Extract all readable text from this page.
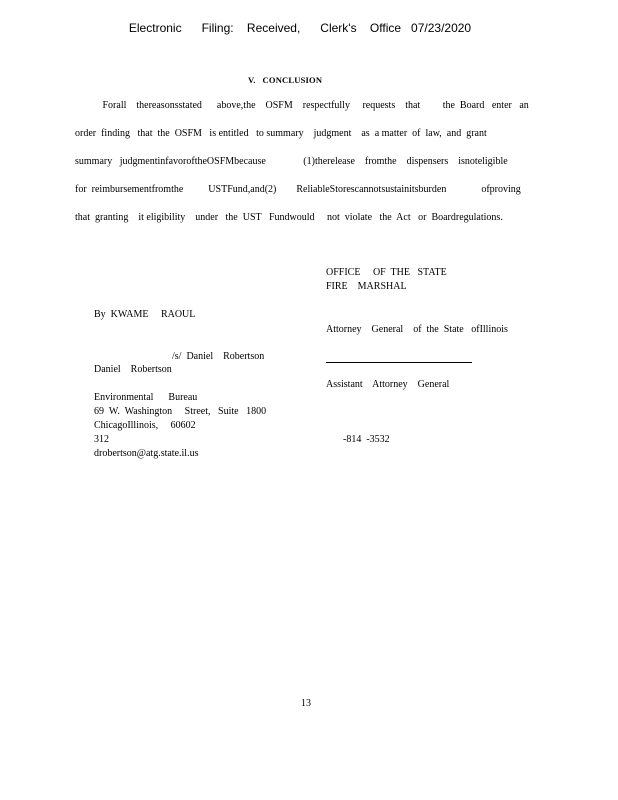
Electronic      Filing:    Received,      Clerk's    Office   07/23/2020
V.   CONCLUSION
Forall    thereasonsstated      above,the    OSFM    respectfully     requests    that         the  Board   enter   an
order  finding   that  the  OSFM   is entitled   to summary    judgment    as  a matter  of  law,  and  grant
summary   judgmentinfavoroftheOSFMbecause               (1)therelease    fromthe    dispensers    isnoteligible
for  reimbursementfromthe          USTFund,and(2)        ReliableStorescannotsustainitsburden              ofproving
that  granting    it eligibility    under   the  UST   Fundwould     not  violate   the  Act   or  Boardregulations.
OFFICE     OF  THE   STATE
FIRE    MARSHAL
By  KWAME     RAOUL
Attorney    General    of  the  State   ofIllinois
/s/  Daniel    Robertson
Daniel    Robertson
Assistant    Attorney    General
Environmental      Bureau
69  W.  Washington     Street,   Suite   1800
ChicagoIllinois,     60602
312	-814  -3532
drobertson@atg.state.il.us
13
